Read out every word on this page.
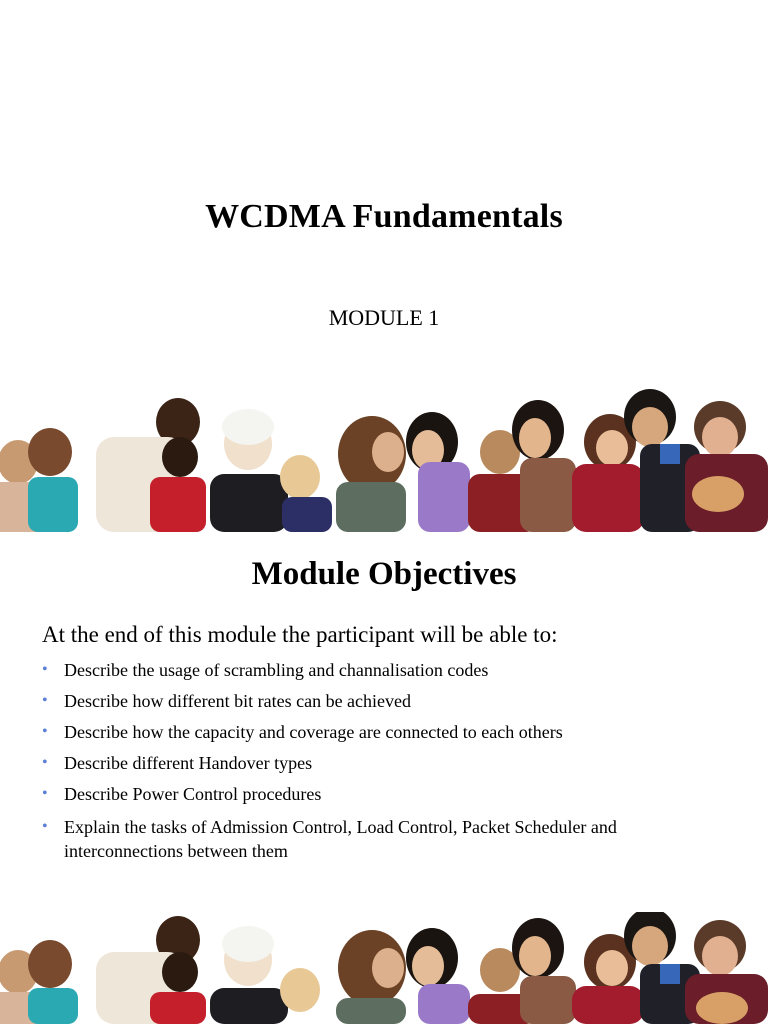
WCDMA Fundamentals
MODULE 1
Module Objectives
At the end of this module the participant will be able to:
• Describe the usage of scrambling and channalisation codes
• Describe how different bit rates can be achieved
• Describe how the capacity and coverage are connected to each others
• Describe different Handover types
• Describe Power Control procedures
• Explain the tasks of Admission Control, Load Control, Packet Scheduler and interconnections between them
